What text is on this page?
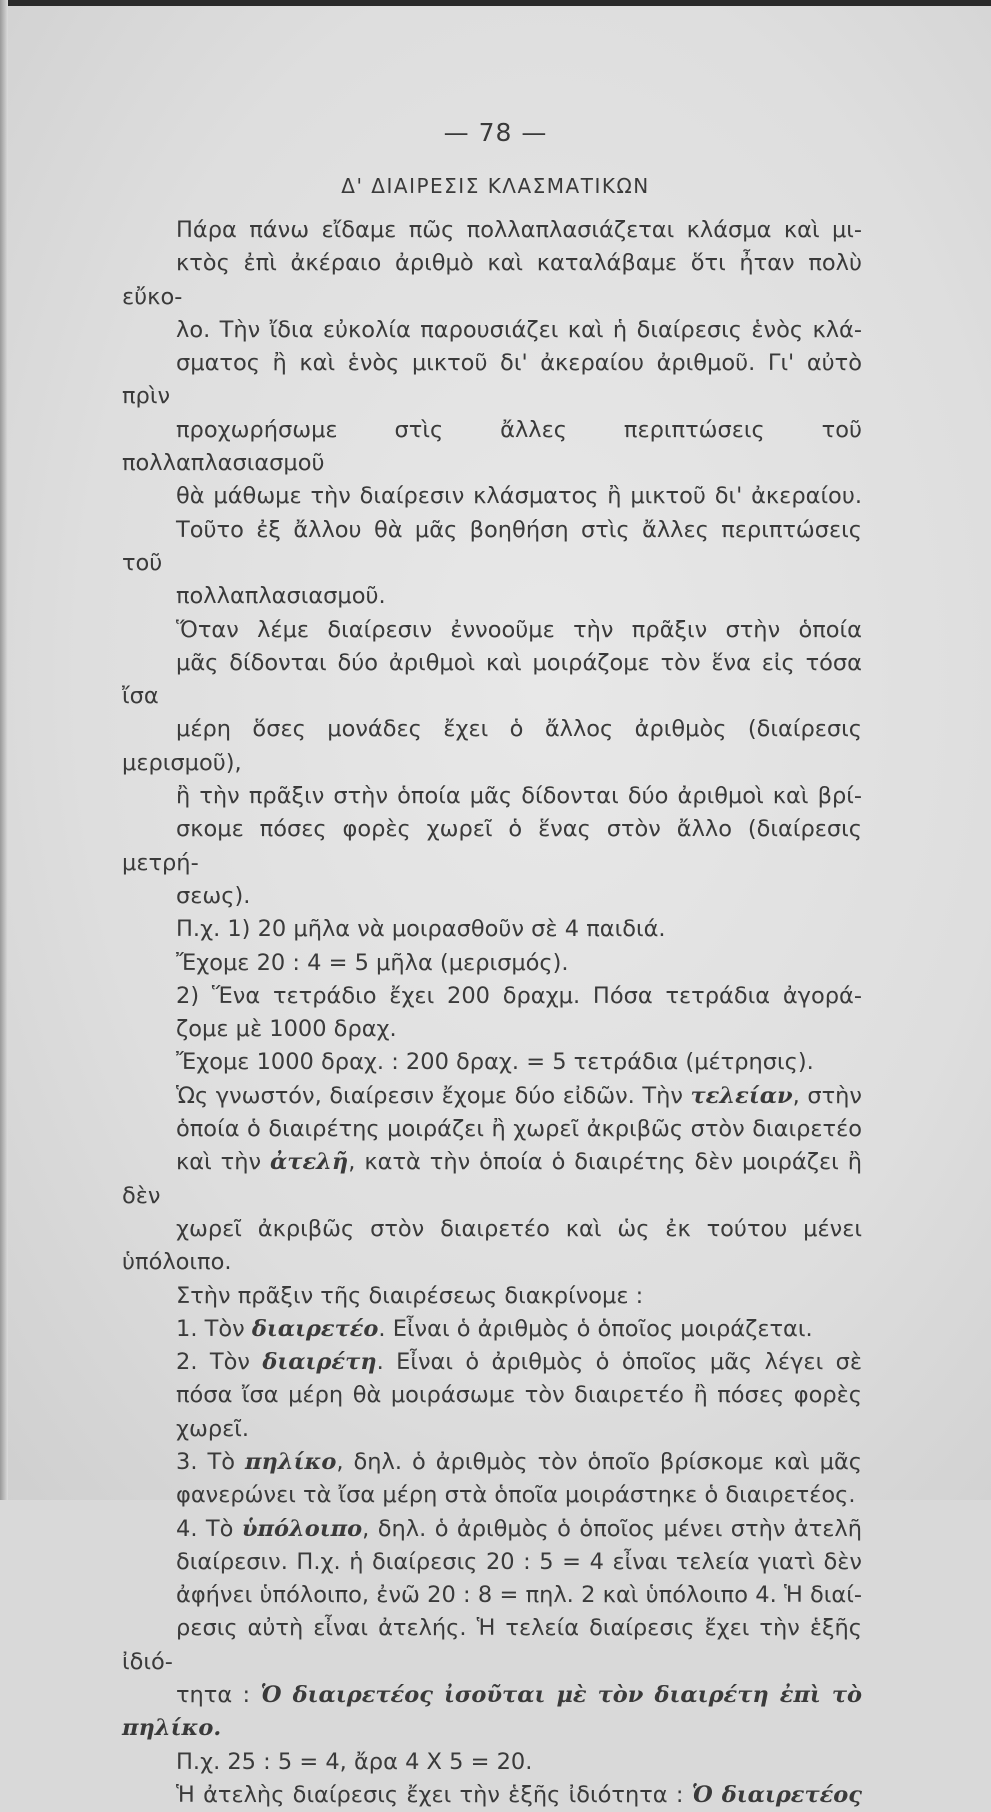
— 78 —
Δ' ΔΙΑΙΡΕΣΙΣ ΚΛΑΣΜΑΤΙΚΩΝ

Πάρα πάνω εἴδαμε πῶς πολλαπλασιάζεται κλάσμα καὶ μι-
κτὸς ἐπὶ ἀκέραιο ἀριθμὸ καὶ καταλάβαμε ὅτι ἦταν πολὺ εὔκο-
λο. Τὴν ἴδια εὐκολία παρουσιάζει καὶ ἡ διαίρεσις ἑνὸς κλά-
σματος ἢ καὶ ἑνὸς μικτοῦ δι' ἀκεραίου ἀριθμοῦ. Γι' αὐτὸ πρὶν
προχωρήσωμε στὶς ἄλλες περιπτώσεις τοῦ πολλαπλασιασμοῦ
θὰ μάθωμε τὴν διαίρεσιν κλάσματος ἢ μικτοῦ δι' ἀκεραίου.
Τοῦτο ἐξ ἄλλου θὰ μᾶς βοηθήση στὶς ἄλλες περιπτώσεις τοῦ
πολλαπλασιασμοῦ.

Ὅταν λέμε διαίρεσιν ἐννοοῦμε τὴν πρᾶξιν στὴν ὁποία
μᾶς δίδονται δύο ἀριθμοὶ καὶ μοιράζομε τὸν ἕνα εἰς τόσα ἴσα
μέρη ὅσες μονάδες ἔχει ὁ ἄλλος ἀριθμὸς (διαίρεσις μερισμοῦ),
ἢ τὴν πρᾶξιν στὴν ὁποία μᾶς δίδονται δύο ἀριθμοὶ καὶ βρί-
σκομε πόσες φορὲς χωρεῖ ὁ ἕνας στὸν ἄλλο (διαίρεσις μετρή-
σεως).

Π.χ. 1) 20 μῆλα νὰ μοιρασθοῦν σὲ 4 παιδιά.
Ἔχομε 20 : 4 = 5 μῆλα (μερισμός).

2) Ἕνα τετράδιο ἔχει 200 δραχμ. Πόσα τετράδια ἀγορά-
ζομε μὲ 1000 δραχ.
Ἔχομε 1000 δραχ. : 200 δραχ. = 5 τετράδια (μέτρησις).

Ὡς γνωστόν, διαίρεσιν ἔχομε δύο εἰδῶν. Τὴν τελείαν, στὴν
ὁποία ὁ διαιρέτης μοιράζει ἢ χωρεῖ ἀκριβῶς στὸν διαιρετέο
καὶ τὴν ἀτελῆ, κατὰ τὴν ὁποία ὁ διαιρέτης δὲν μοιράζει ἢ δὲν
χωρεῖ ἀκριβῶς στὸν διαιρετέο καὶ ὡς ἐκ τούτου μένει ὑπόλοιπο.

Στὴν πρᾶξιν τῆς διαιρέσεως διακρίνομε :

1. Τὸν διαιρετέο. Εἶναι ὁ ἀριθμὸς ὁ ὁποῖος μοιράζεται.

2. Τὸν διαιρέτη. Εἶναι ὁ ἀριθμὸς ὁ ὁποῖος μᾶς λέγει σὲ
πόσα ἴσα μέρη θὰ μοιράσωμε τὸν διαιρετέο ἢ πόσες φορὲς
χωρεῖ.

3. Τὸ πηλίκο, δηλ. ὁ ἀριθμὸς τὸν ὁποῖο βρίσκομε καὶ μᾶς
φανερώνει τὰ ἴσα μέρη στὰ ὁποῖα μοιράστηκε ὁ διαιρετέος.

4. Τὸ ὑπόλοιπο, δηλ. ὁ ἀριθμὸς ὁ ὁποῖος μένει στὴν ἀτελῆ
διαίρεσιν. Π.χ. ἡ διαίρεσις 20 : 5 = 4 εἶναι τελεία γιατὶ δὲν
ἀφήνει ὑπόλοιπο, ἐνῶ 20 : 8 = πηλ. 2 καὶ ὑπόλοιπο 4. Ἡ διαί-
ρεσις αὐτὴ εἶναι ἀτελής. Ἡ τελεία διαίρεσις ἔχει τὴν ἑξῆς ἰδιό-
τητα : Ὁ διαιρετέος ἰσοῦται μὲ τὸν διαιρέτη ἐπὶ τὸ πηλίκο.
Π.χ. 25 : 5 = 4, ἄρα 4 X 5 = 20.

Ἡ ἀτελὴς διαίρεσις ἔχει τὴν ἑξῆς ἰδιότητα : Ὁ διαιρετέος
